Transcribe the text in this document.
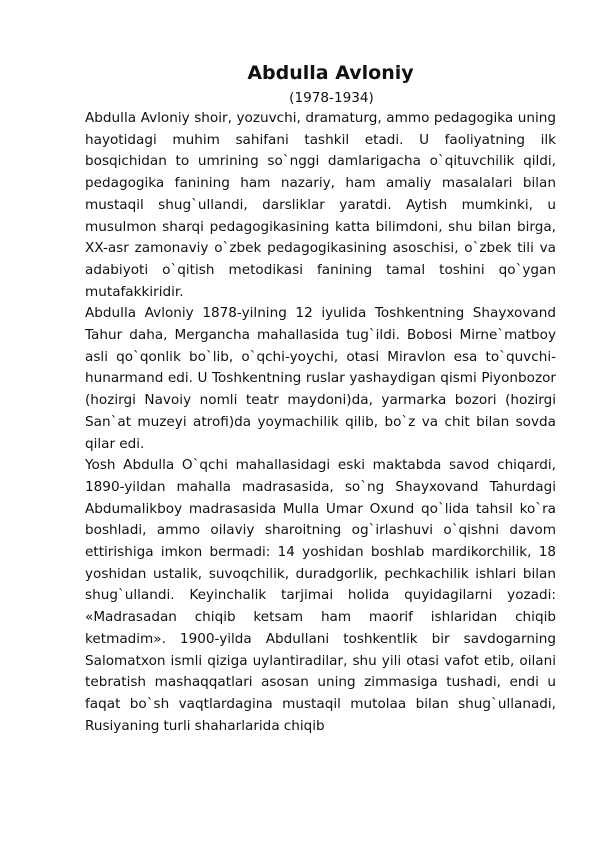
Abdulla Avloniy
(1978-1934)

Abdulla Avloniy shoir, yozuvchi, dramaturg, ammo pedagogika uning hayotidagi muhim sahifani tashkil etadi. U faoliyatning ilk bosqichidan to umrining so`nggi damlarigacha o`qituvchilik qildi, pedagogika fanining ham nazariy, ham amaliy masalalari bilan mustaqil shug`ullandi, darsliklar yaratdi. Aytish mumkinki, u musulmon sharqi pedagogikasining katta bilimdoni, shu bilan birga, XX-asr zamonaviy o`zbek pedagogikasining asoschisi, o`zbek tili va adabiyoti o`qitish metodikasi fanining tamal toshini qo`ygan mutafakkiridir.

Abdulla Avloniy 1878-yilning 12 iyulida Toshkentning Shayxovand Tahur daha, Mergancha mahallasida tug`ildi. Bobosi Mirne`matboy asli qo`qonlik bo`lib, o`qchi-yoychi, otasi Miravlon esa to`quvchi-hunarmand edi. U Toshkentning ruslar yashaydigan qismi Piyonbozor (hozirgi Navoiy nomli teatr maydoni)da, yarmarka bozori (hozirgi San`at muzeyi atrofi)da yoymachilik qilib, bo`z va chit bilan sovda qilar edi.

Yosh Abdulla O`qchi mahallasidagi eski maktabda savod chiqardi, 1890-yildan mahalla madrasasida, so`ng Shayxovand Tahurdagi Abdumalikboy madrasasida Mulla Umar Oxund qo`lida tahsil ko`ra boshladi, ammo oilaviy sharoitning og`irlashuvi o`qishni davom ettirishiga imkon bermadi: 14 yoshidan boshlab mardikorchilik, 18 yoshidan ustalik, suvoqchilik, duradgorlik, pechkachilik ishlari bilan shug`ullandi. Keyinchalik tarjimai holida quyidagilarni yozadi: «Madrasadan chiqib ketsam ham maorif ishlaridan chiqib ketmadim». 1900-yilda Abdullani toshkentlik bir savdogarning Salomatxon ismli qiziga uylantiradilar, shu yili otasi vafot etib, oilani tebratish mashaqqatlari asosan uning zimmasiga tushadi, endi u faqat bo`sh vaqtlardagina mustaqil mutolaa bilan shug`ullanadi, Rusiyaning turli shaharlarida chiqib
